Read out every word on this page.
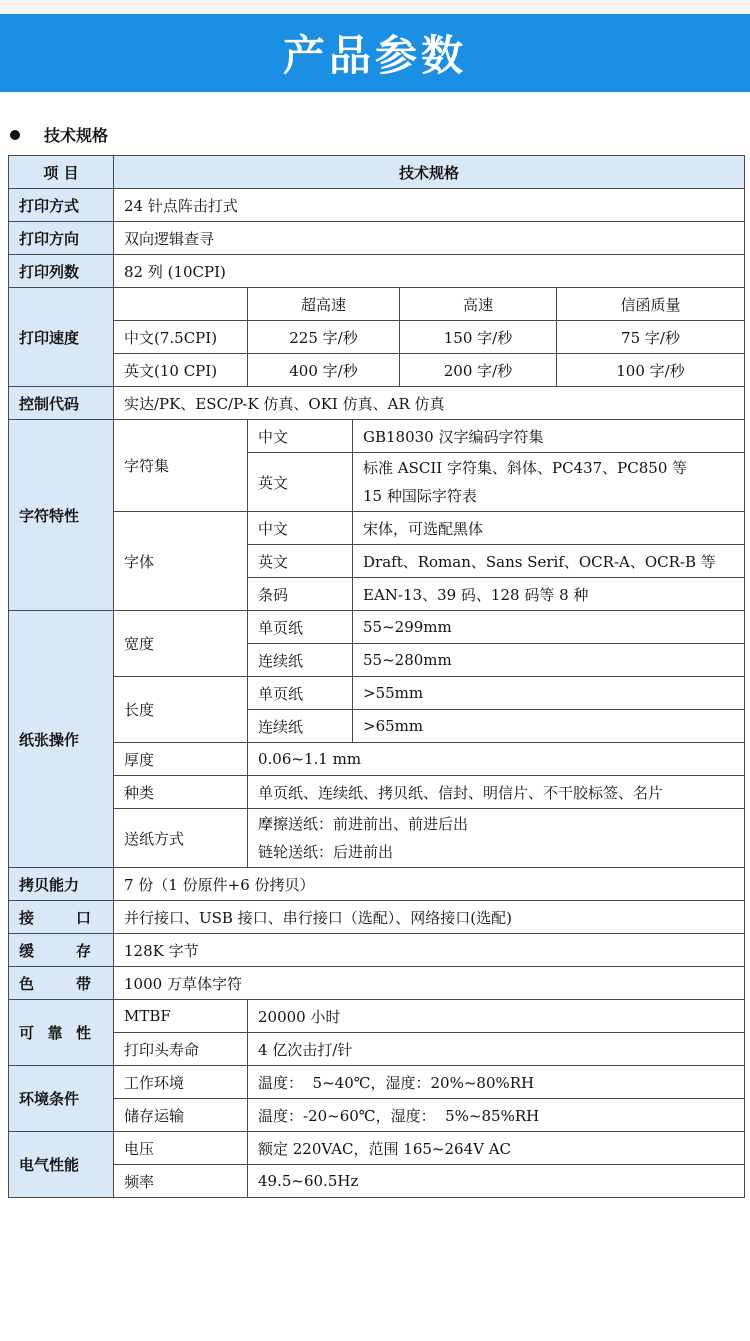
产品参数
技术规格
项 目	技术规格				
打印方式	24 针点阵击打式				
打印方向	双向逻辑查寻				
打印列数	82 列 (10CPI)				
打印速度		超高速		高速	信函质量
	中文(7.5CPI)	225 字/秒		150 字/秒	75 字/秒
	英文(10 CPI)	400 字/秒		200 字/秒	100 字/秒
控制代码	实达/PK、ESC/P-K 仿真、OKI 仿真、AR 仿真				
字符特性	字符集	中文	GB18030 汉字编码字符集		
		英文	标准 ASCII 字符集、斜体、PC437、PC850 等
15 种国际字符表		

	字体	中文	宋体，可选配黑体		
		英文	Draft、Roman、Sans Serif、OCR-A、OCR-B 等		
		条码	EAN-13、39 码、128 码等 8 种		
纸张操作	宽度	单页纸	55~299mm		
		连续纸	55~280mm		
	长度	单页纸	>55mm		
		连续纸	>65mm		
	厚度	0.06~1.1 mm			
	种类	单页纸、连续纸、拷贝纸、信封、明信片、不干胶标签、名片			
	送纸方式	摩擦送纸：前进前出、前进后出
链轮送纸：后进前出			

拷贝能力	7 份（1 份原件+6 份拷贝）				

接 口	并行接口、USB 接口、串行接口（选配）、网络接口(选配)				

缓 存	128K 字节				

色 带	1000 万草体字符				

可 靠 性	MTBF	20000 小时			
	打印头寿命	4 亿次击打/针			
环境条件	工作环境	温度：  5~40℃，湿度：20%~80%RH			
	储存运输	温度：-20~60℃，湿度：  5%~85%RH			
电气性能	电压	额定 220VAC，范围 165~264V AC			
	频率	49.5~60.5Hz			
